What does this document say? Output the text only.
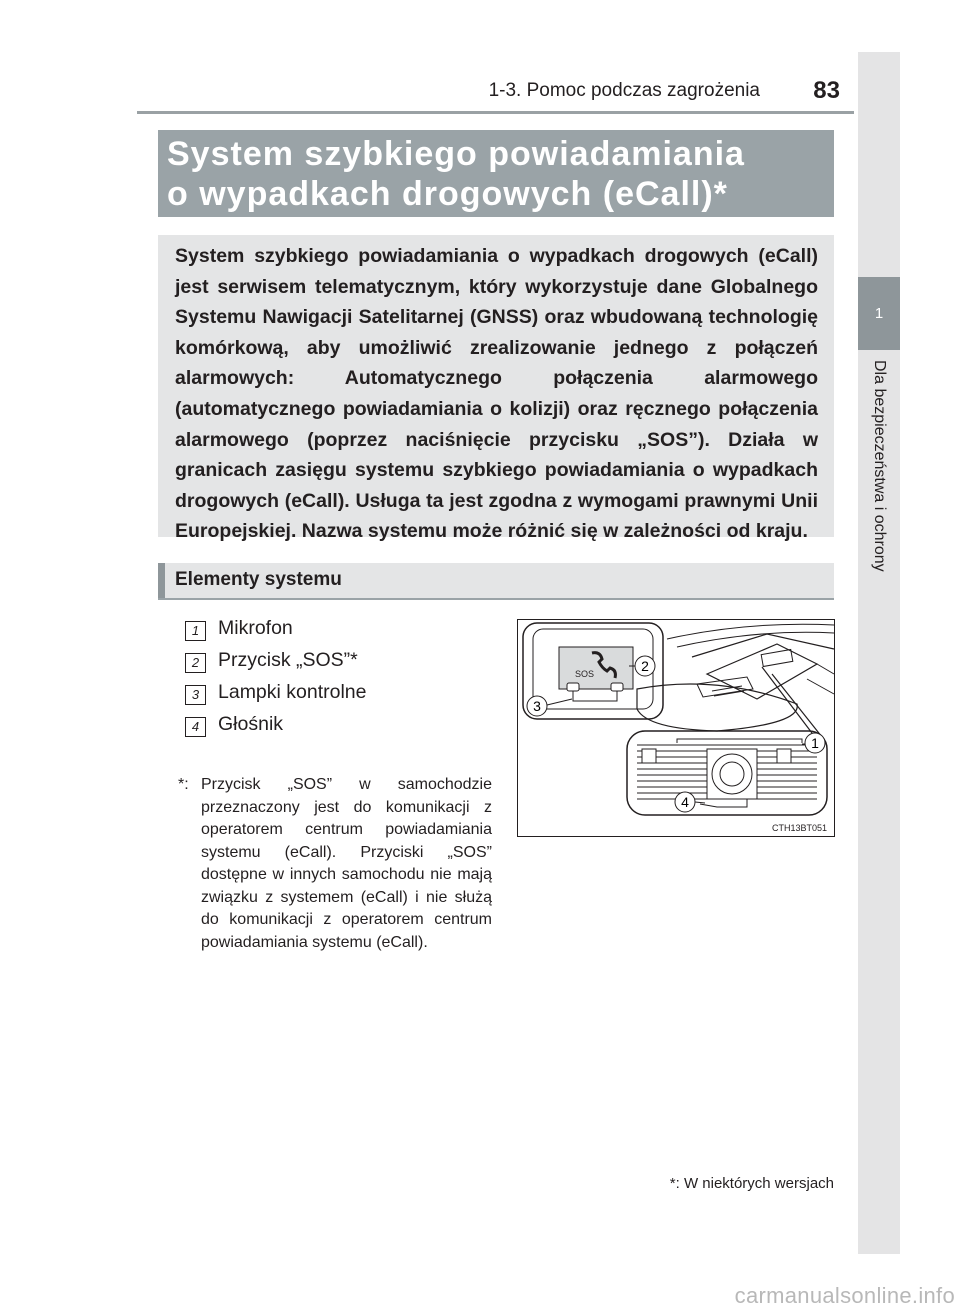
1-3. Pomoc podczas zagrożenia	83
1
Dla bezpieczeństwa i ochrony
System szybkiego powiadamiania
o wypadkach drogowych (eCall)*

System szybkiego powiadamiania o wypadkach drogowych (eCall) jest serwisem telematycznym, który wykorzystuje dane Globalnego Systemu Nawigacji Satelitarnej (GNSS) oraz wbudowaną technologię komórkową, aby umożliwić zrealizowanie jednego z połączeń alarmowych: Automatycznego połączenia alarmowego (automatycznego powiadamiania o kolizji) oraz ręcznego połączenia alarmowego (poprzez naciśnięcie przycisku „SOS”). Działa w granicach zasięgu systemu szybkiego powiadamiania o wypadkach drogowych (eCall). Usługa ta jest zgodna z wymogami prawnymi Unii Europejskiej. Nazwa systemu może różnić się w zależności od kraju.

Elementy systemu
1 Mikrofon
2 Przycisk „SOS”*
3 Lampki kontrolne
4 Głośnik
*: Przycisk „SOS” w samochodzie przeznaczony jest do komunikacji z operatorem centrum powiadamiania systemu (eCall). Przyciski „SOS” dostępne w innych samochodu nie mają związku z systemem (eCall) i nie służą do komunikacji z operatorem centrum powiadamiania systemu (eCall).
SOS	2
3
1
4
CTH13BT051
*: W niektórych wersjach
carmanualsonline.info
